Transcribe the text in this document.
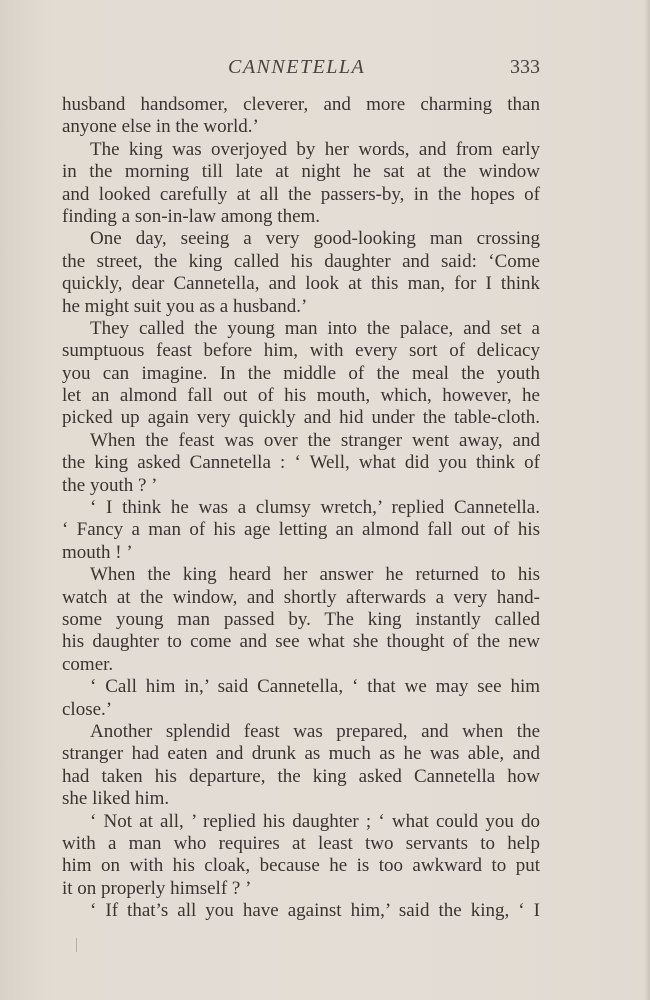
CANNETELLA	333
husband handsomer, cleverer, and more charming than
anyone else in the world.’
The king was overjoyed by her words, and from early
in the morning till late at night he sat at the window
and looked carefully at all the passers-by, in the hopes of
finding a son-in-law among them.
One day, seeing a very good-looking man crossing
the street, the king called his daughter and said: ‘Come
quickly, dear Cannetella, and look at this man, for I think
he might suit you as a husband.’
They called the young man into the palace, and set a
sumptuous feast before him, with every sort of delicacy
you can imagine. In the middle of the meal the youth
let an almond fall out of his mouth, which, however, he
picked up again very quickly and hid under the table-cloth.
When the feast was over the stranger went away, and
the king asked Cannetella : ‘ Well, what did you think of
the youth ? ’
‘ I think he was a clumsy wretch,’ replied Cannetella.
‘ Fancy a man of his age letting an almond fall out of his
mouth ! ’
When the king heard her answer he returned to his
watch at the window, and shortly afterwards a very hand-
some young man passed by. The king instantly called
his daughter to come and see what she thought of the new
comer.
‘ Call him in,’ said Cannetella, ‘ that we may see him
close.’
Another splendid feast was prepared, and when the
stranger had eaten and drunk as much as he was able, and
had taken his departure, the king asked Cannetella how
she liked him.
‘ Not at all, ’ replied his daughter ; ‘ what could you do
with a man who requires at least two servants to help
him on with his cloak, because he is too awkward to put
it on properly himself ? ’
‘ If that’s all you have against him,’ said the king, ‘ I
